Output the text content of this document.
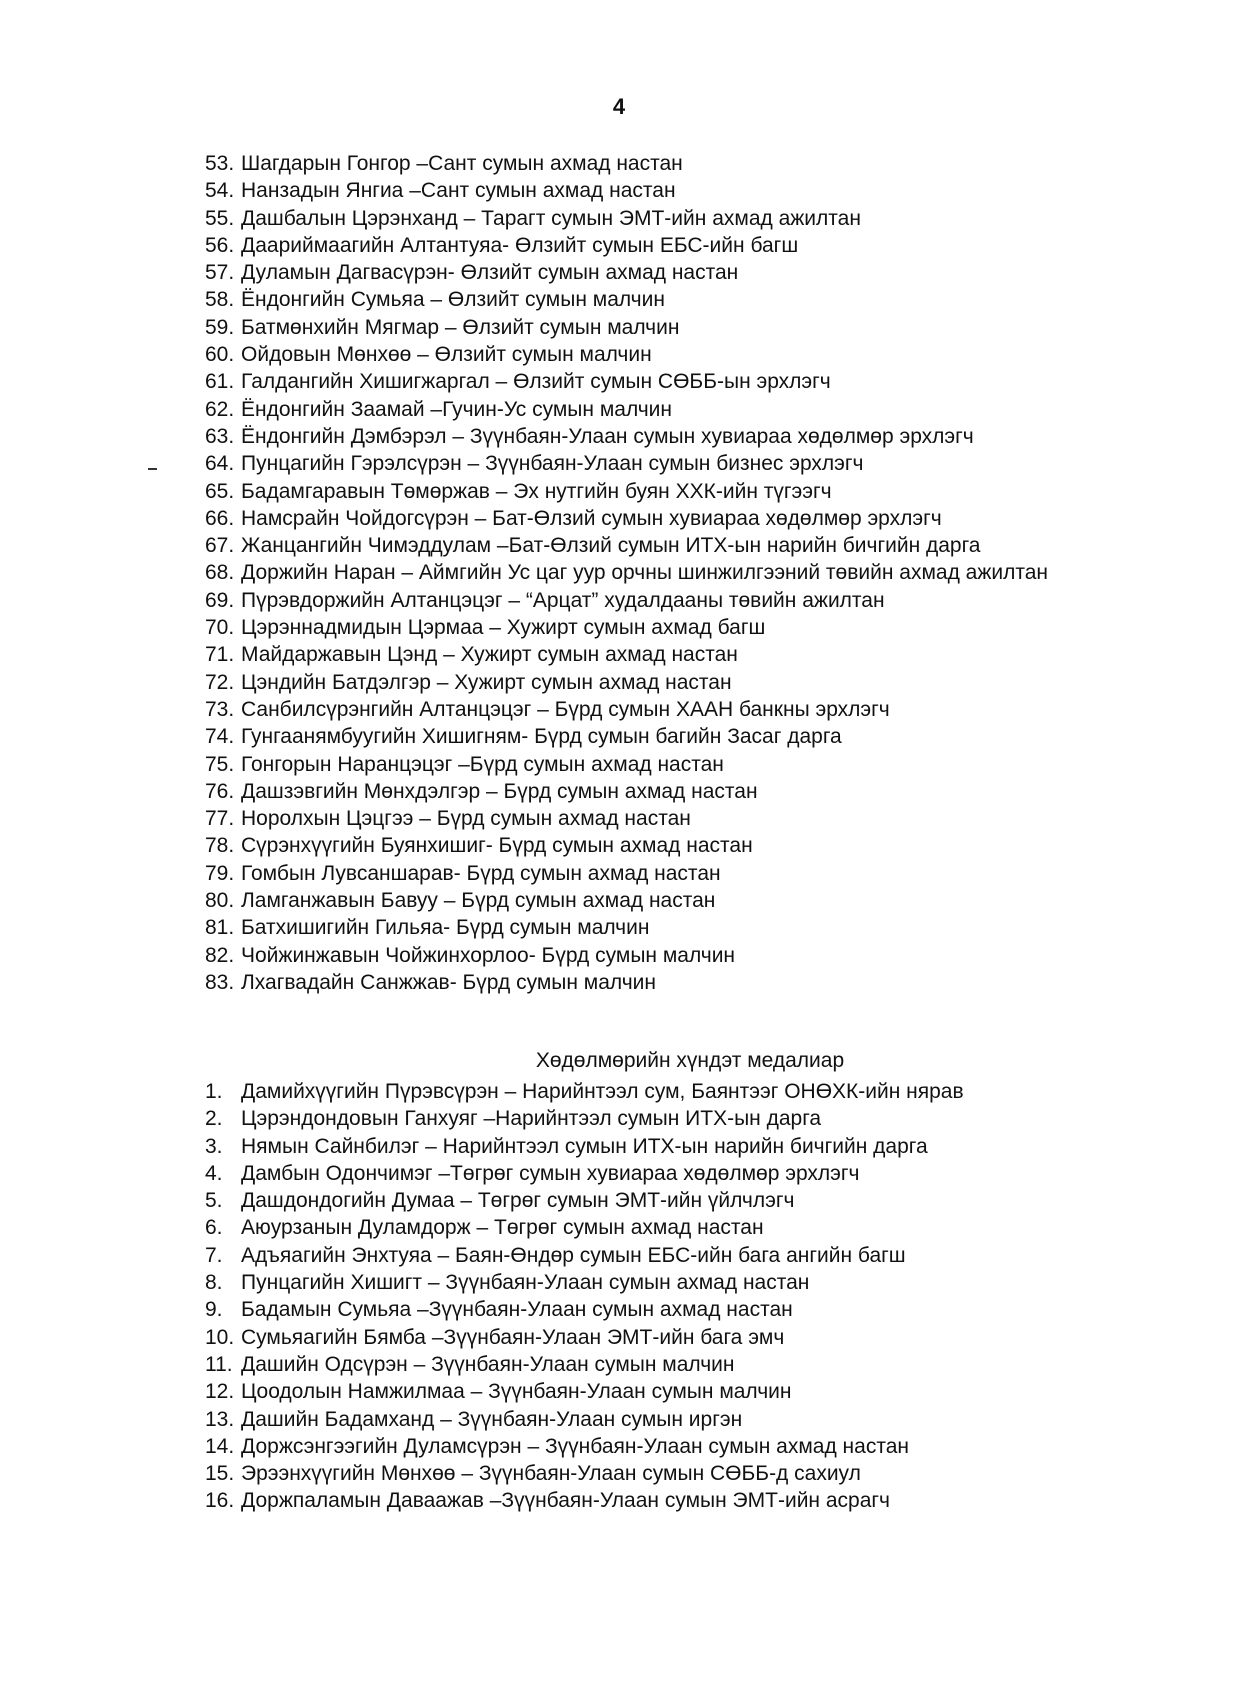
4
53. Шагдарын Гонгор –Сант сумын ахмад настан
54. Нанзадын Янгиа –Сант сумын ахмад настан
55. Дашбалын Цэрэнханд – Тарагт сумын ЭМТ-ийн ахмад ажилтан
56. Даариймаагийн Алтантуяа- Өлзийт сумын ЕБС-ийн багш
57. Дуламын Дагвасүрэн- Өлзийт сумын ахмад настан
58. Ёндонгийн Сумьяа – Өлзийт сумын малчин
59. Батмөнхийн Мягмар – Өлзийт сумын малчин
60. Ойдовын Мөнхөө – Өлзийт сумын малчин
61. Галдангийн Хишигжаргал – Өлзийт сумын СӨББ-ын эрхлэгч
62. Ёндонгийн Заамай –Гучин-Ус сумын малчин
63. Ёндонгийн Дэмбэрэл – Зүүнбаян-Улаан сумын хувиараа хөдөлмөр эрхлэгч
64. Пунцагийн Гэрэлсүрэн – Зүүнбаян-Улаан сумын бизнес эрхлэгч
65. Бадамгаравын Төмөржав – Эх нутгийн буян ХХК-ийн түгээгч
66. Намсрайн Чойдогсүрэн – Бат-Өлзий сумын хувиараа хөдөлмөр эрхлэгч
67. Жанцангийн Чимэддулам –Бат-Өлзий сумын ИТХ-ын нарийн бичгийн дарга
68. Доржийн Наран – Аймгийн Ус цаг уур орчны шинжилгээний төвийн ахмад ажилтан
69. Пүрэвдоржийн Алтанцэцэг – “Арцат” худалдааны төвийн ажилтан
70. Цэрэннадмидын Цэрмаа – Хужирт сумын ахмад багш
71. Майдаржавын Цэнд – Хужирт сумын ахмад настан
72. Цэндийн Батдэлгэр – Хужирт сумын ахмад настан
73. Санбилсүрэнгийн Алтанцэцэг – Бүрд сумын ХААН банкны эрхлэгч
74. Гунгаанямбуугийн Хишигням- Бүрд сумын багийн Засаг дарга
75. Гонгорын Наранцэцэг –Бүрд сумын ахмад настан
76. Дашзэвгийн Мөнхдэлгэр – Бүрд сумын ахмад настан
77. Норолхын Цэцгээ – Бүрд сумын ахмад настан
78. Сүрэнхүүгийн Буянхишиг- Бүрд сумын ахмад настан
79. Гомбын Лувсаншарав- Бүрд сумын ахмад настан
80. Ламганжавын Бавуу – Бүрд сумын ахмад настан
81. Батхишигийн Гильяа- Бүрд сумын малчин
82. Чойжинжавын Чойжинхорлоо- Бүрд сумын малчин
83. Лхагвадайн Санжжав- Бүрд сумын малчин
Хөдөлмөрийн хүндэт медалиар
1. Дамийхүүгийн Пүрэвсүрэн – Нарийнтээл сум, Баянтээг ОНӨХК-ийн нярав
2. Цэрэндондовын Ганхуяг –Нарийнтээл сумын ИТХ-ын дарга
3. Нямын Сайнбилэг – Нарийнтээл сумын ИТХ-ын нарийн бичгийн дарга
4. Дамбын Одончимэг –Төгрөг сумын хувиараа хөдөлмөр эрхлэгч
5. Дашдондогийн Думаа – Төгрөг сумын ЭМТ-ийн үйлчлэгч
6. Аюурзанын Дуламдорж – Төгрөг сумын ахмад настан
7. Адъяагийн Энхтуяа – Баян-Өндөр сумын ЕБС-ийн бага ангийн багш
8. Пунцагийн Хишигт – Зүүнбаян-Улаан сумын ахмад настан
9. Бадамын Сумьяа –Зүүнбаян-Улаан сумын ахмад настан
10. Сумьяагийн Бямба –Зүүнбаян-Улаан ЭМТ-ийн бага эмч
11. Дашийн Одсүрэн – Зүүнбаян-Улаан сумын малчин
12. Цоодолын Намжилмаа – Зүүнбаян-Улаан сумын малчин
13. Дашийн Бадамханд – Зүүнбаян-Улаан сумын иргэн
14. Доржсэнгээгийн Дуламсүрэн – Зүүнбаян-Улаан сумын ахмад настан
15. Эрээнхүүгийн Мөнхөө – Зүүнбаян-Улаан сумын СӨББ-д сахиул
16. Доржпаламын Даваажав –Зүүнбаян-Улаан сумын ЭМТ-ийн асрагч
